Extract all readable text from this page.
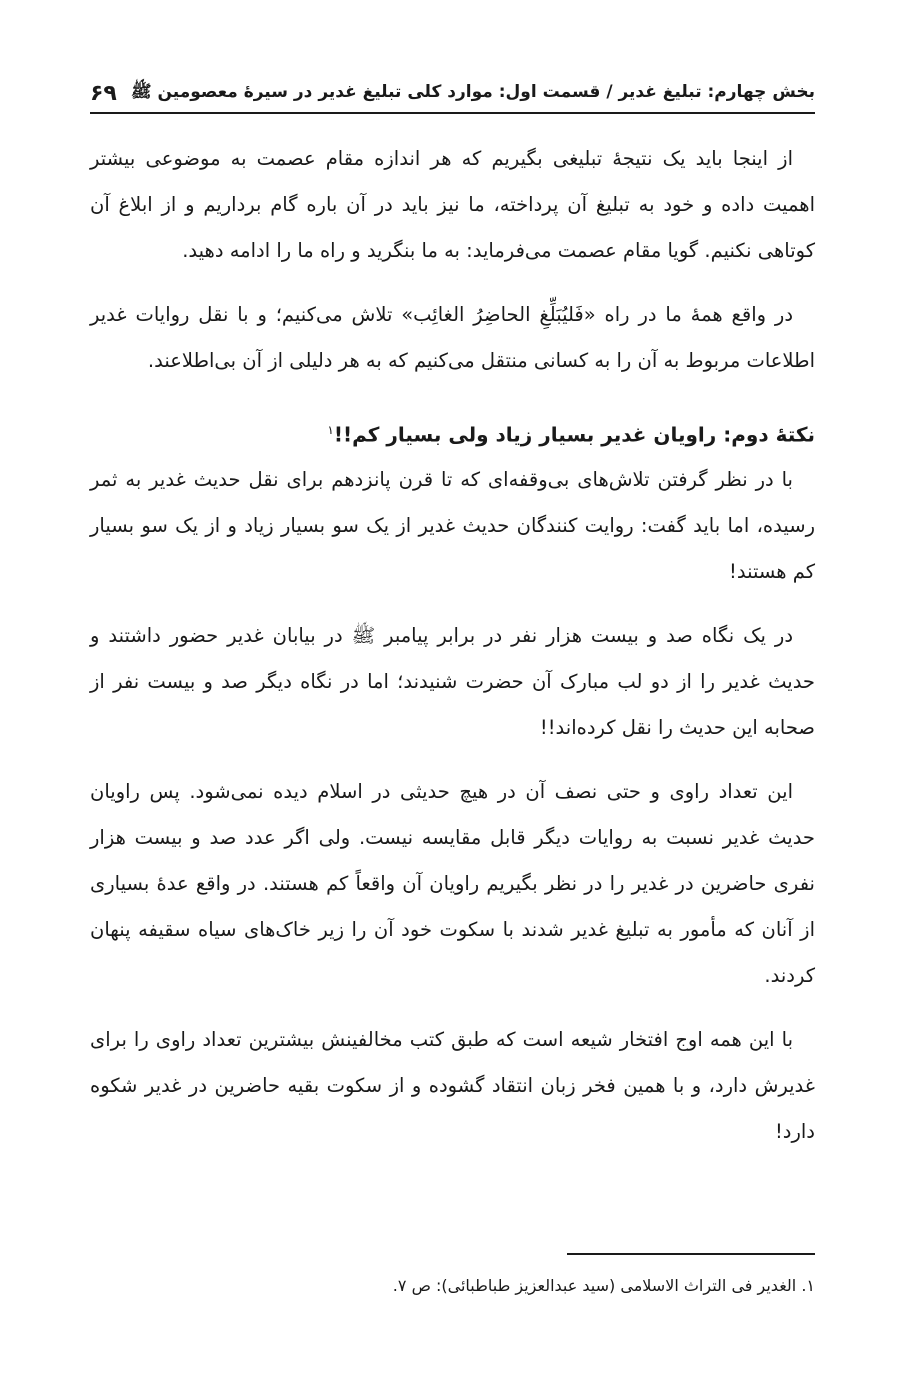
بخش چهارم: تبلیغ غدیر / قسمت اول: موارد کلی تبلیغ غدیر در سیرۀ معصومین ﷺ
۶۹

از اینجا باید یک نتیجۀ تبلیغی بگیریم که هر اندازه مقام عصمت به موضوعی بیشتر اهمیت داده و خود به تبلیغ آن پرداخته، ما نیز باید در آن باره گام برداریم و از ابلاغ آن کوتاهی نکنیم. گویا مقام عصمت می‌فرماید: به ما بنگرید و راه ما را ادامه دهید.

در واقع همۀ ما در راه «فَلیُبَلِّغِ الحاضِرُ الغائِب» تلاش می‌کنیم؛ و با نقل روایات غدیر اطلاعات مربوط به آن را به کسانی منتقل می‌کنیم که به هر دلیلی از آن بی‌اطلاعند.

نکتۀ دوم: راویان غدیر بسیار زیاد ولی بسیار کم!!$^۱$

با در نظر گرفتن تلاش‌های بی‌وقفه‌ای که تا قرن پانزدهم برای نقل حدیث غدیر به ثمر رسیده، اما باید گفت: روایت کنندگان حدیث غدیر از یک سو بسیار زیاد و از یک سو بسیار کم هستند!

در یک نگاه صد و بیست هزار نفر در برابر پیامبر ﷺ در بیابان غدیر حضور داشتند و حدیث غدیر را از دو لب مبارک آن حضرت شنیدند؛ اما در نگاه دیگر صد و بیست نفر از صحابه این حدیث را نقل کرده‌اند!!

این تعداد راوی و حتی نصف آن در هیچ حدیثی در اسلام دیده نمی‌شود. پس راویان حدیث غدیر نسبت به روایات دیگر قابل مقایسه نیست. ولی اگر عدد صد و بیست هزار نفری حاضرین در غدیر را در نظر بگیریم راویان آن واقعاً کم هستند. در واقع عدۀ بسیاری از آنان که مأمور به تبلیغ غدیر شدند با سکوت خود آن را زیر خاک‌های سیاه سقیفه پنهان کردند.

با این همه اوج افتخار شیعه است که طبق کتب مخالفینش بیشترین تعداد راوی را برای غدیرش دارد، و با همین فخر زبان انتقاد گشوده و از سکوت بقیه حاضرین در غدیر شکوه دارد!

۱. الغدیر فی التراث الاسلامی (سید عبدالعزیز طباطبائی): ص ۷.
